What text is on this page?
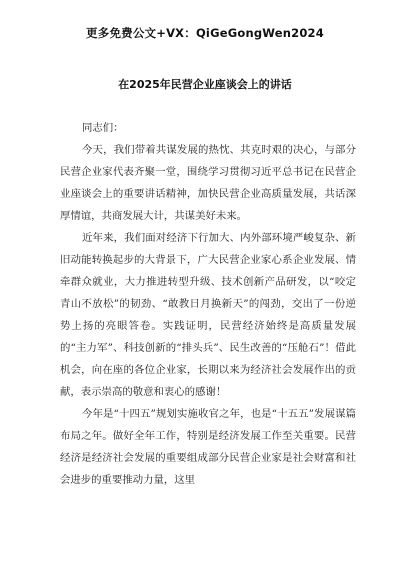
更多免费公文+VX：QiGeGongWen2024
在2025年民营企业座谈会上的讲话

同志们：

今天，我们带着共谋发展的热忱、共克时艰的决心，与部分民营企业家代表齐聚一堂，围绕学习贯彻习近平总书记在民营企业座谈会上的重要讲话精神，加快民营企业高质量发展，共话深厚情谊，共商发展大计，共谋美好未来。

近年来，我们面对经济下行加大、内外部环境严峻复杂、新旧动能转换起步的大背景下，广大民营企业家心系企业发展、情牵群众就业，大力推进转型升级、技术创新产品研发，以“咬定青山不放松”的韧劲、“敢教日月换新天”的闯劲，交出了一份逆势上扬的亮眼答卷。实践证明，民营经济始终是高质量发展的“主力军”、科技创新的“排头兵”、民生改善的“压舱石”！借此机会，向在座的各位企业家，长期以来为经济社会发展作出的贡献，表示崇高的敬意和衷心的感谢！

今年是“十四五”规划实施收官之年，也是“十五五”发展谋篇布局之年。做好全年工作，特别是经济发展工作至关重要。民营经济是经济社会发展的重要组成部分民营企业家是社会财富和社会进步的重要推动力量，这里
